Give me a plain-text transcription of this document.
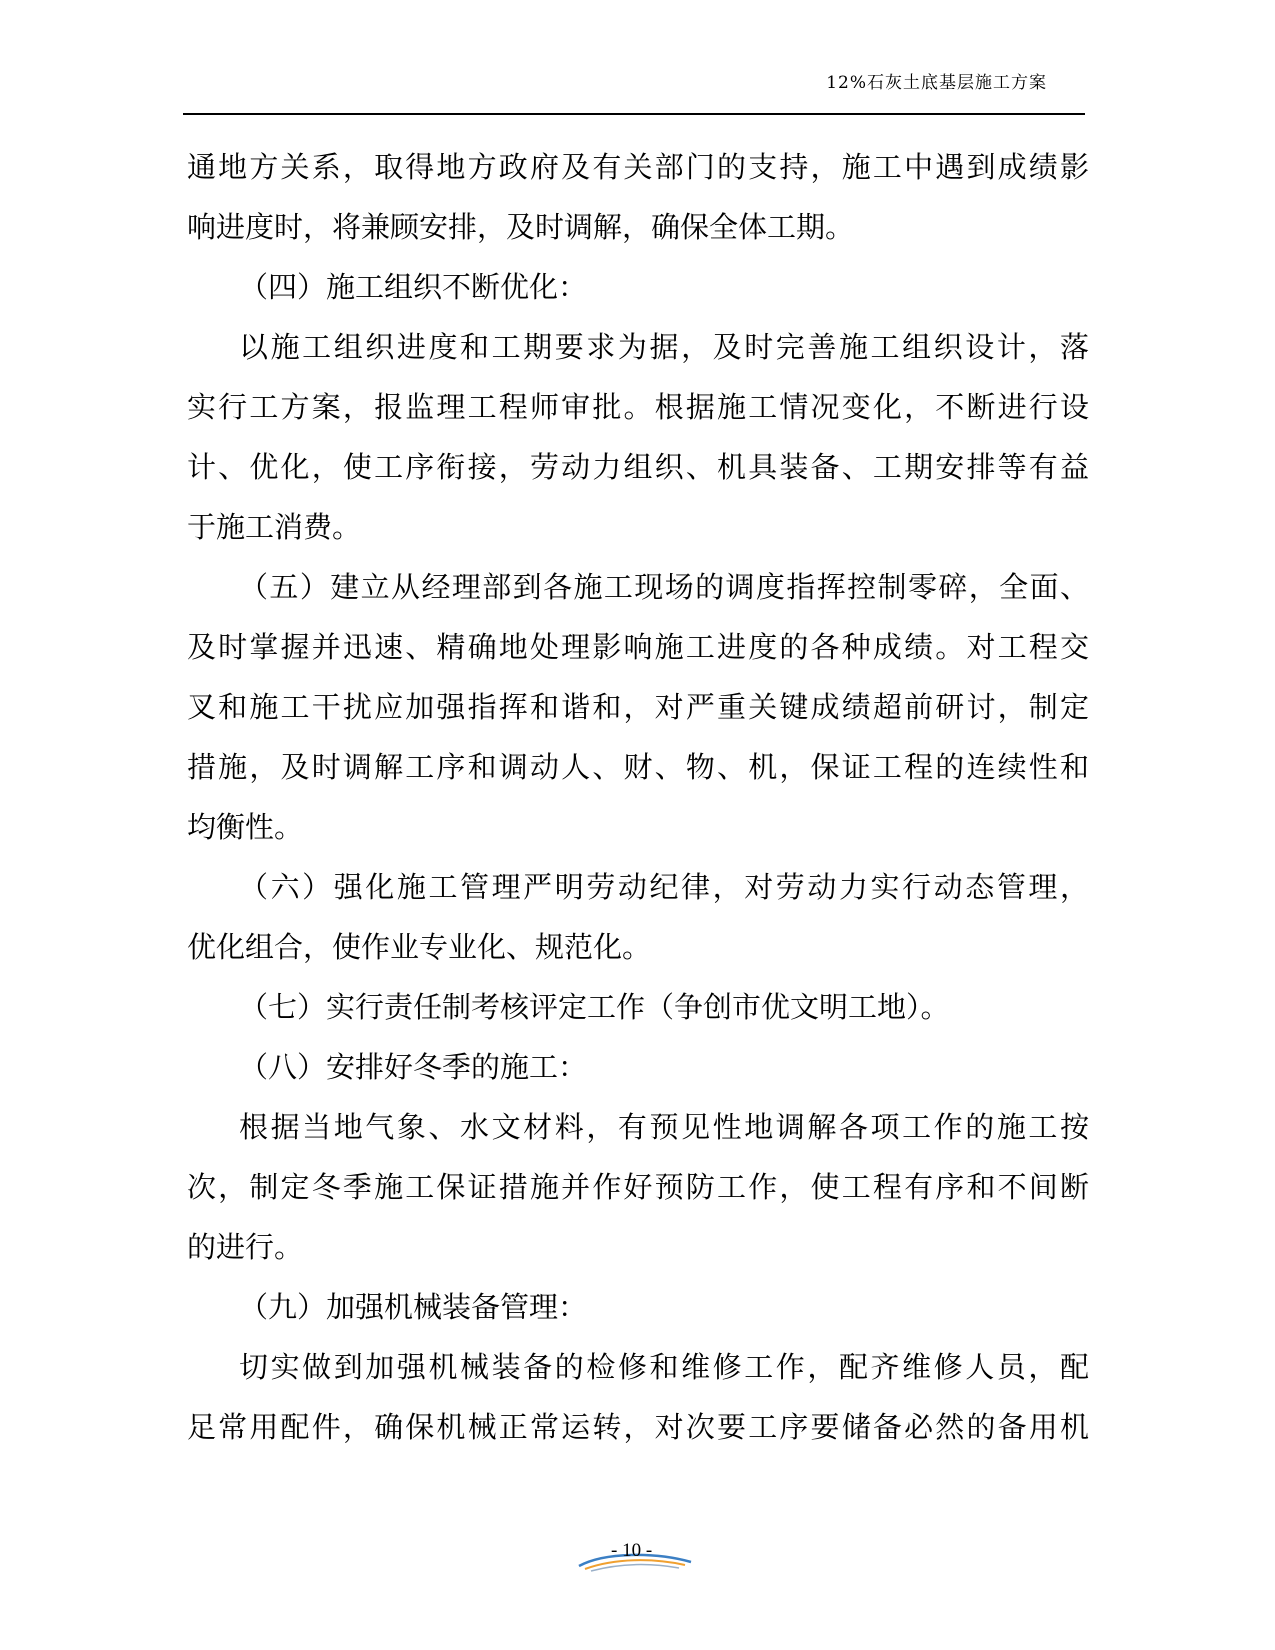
12%石灰土底基层施工方案
通地方关系，取得地方政府及有关部门的支持，施工中遇到成绩影
响进度时，将兼顾安排，及时调解，确保全体工期。
（四）施工组织不断优化：
以施工组织进度和工期要求为据，及时完善施工组织设计，落
实行工方案，报监理工程师审批。根据施工情况变化，不断进行设
计、优化，使工序衔接，劳动力组织、机具装备、工期安排等有益
于施工消费。
（五）建立从经理部到各施工现场的调度指挥控制零碎，全面、
及时掌握并迅速、精确地处理影响施工进度的各种成绩。对工程交
叉和施工干扰应加强指挥和谐和，对严重关键成绩超前研讨，制定
措施，及时调解工序和调动人、财、物、机，保证工程的连续性和
均衡性。
（六）强化施工管理严明劳动纪律，对劳动力实行动态管理，
优化组合，使作业专业化、规范化。
（七）实行责任制考核评定工作（争创市优文明工地）。
（八）安排好冬季的施工：
根据当地气象、水文材料，有预见性地调解各项工作的施工按
次，制定冬季施工保证措施并作好预防工作，使工程有序和不间断
的进行。
（九）加强机械装备管理：
切实做到加强机械装备的检修和维修工作，配齐维修人员，配
足常用配件，确保机械正常运转，对次要工序要储备必然的备用机
- 10 -
